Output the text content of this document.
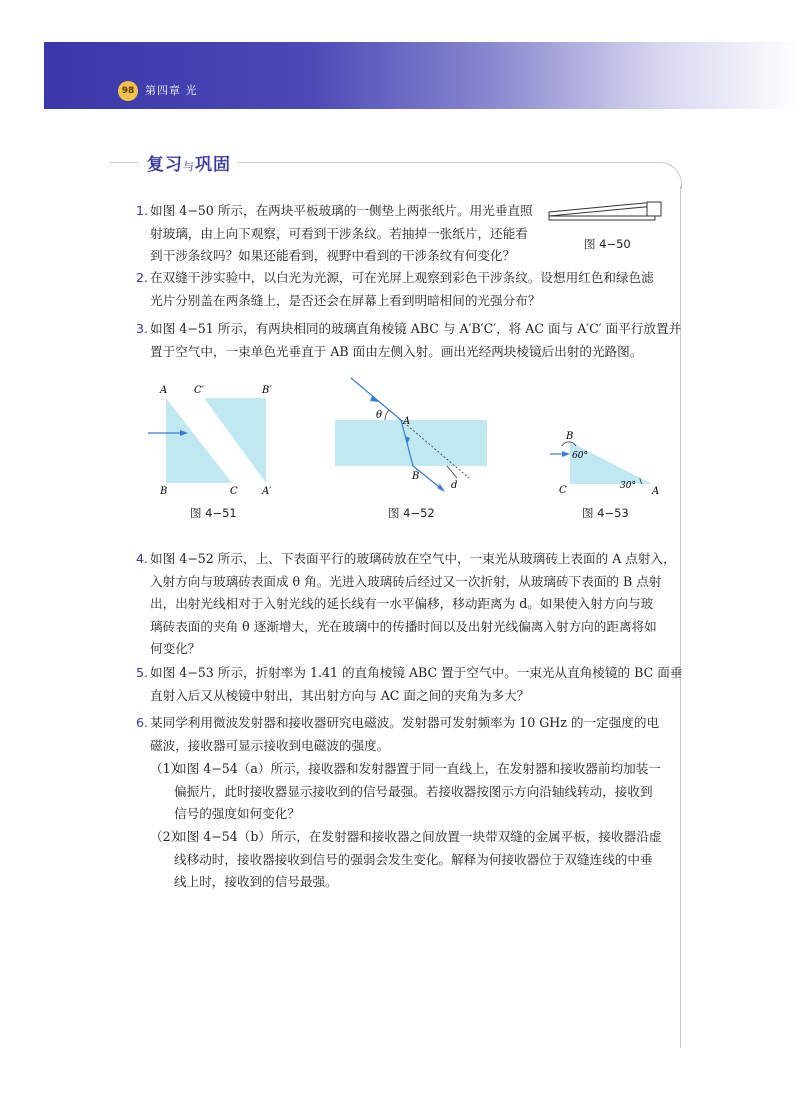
98 第四章 光
复习与巩固
1. 如图 4−50 所示，在两块平板玻璃的一侧垫上两张纸片。用光垂直照
射玻璃，由上向下观察，可看到干涉条纹。若抽掉一张纸片，还能看
到干涉条纹吗？如果还能看到，视野中看到的干涉条纹有何变化？
图 4−50
2. 在双缝干涉实验中，以白光为光源，可在光屏上观察到彩色干涉条纹。设想用红色和绿色滤
光片分别盖在两条缝上，是否还会在屏幕上看到明暗相间的光强分布？
3. 如图 4−51 所示，有两块相同的玻璃直角棱镜 ABC 与 A′B′C′，将 AC 面与 A′C′ 面平行放置并
置于空气中，一束单色光垂直于 AB 面由左侧入射。画出光经两块棱镜后出射的光路图。
A	C′	B′
B	C A′
图 4−51
θ
A
B
d
图 4−52
B
60°
C	30° A
图 4−53
4. 如图 4−52 所示，上、下表面平行的玻璃砖放在空气中，一束光从玻璃砖上表面的 A 点射入，
入射方向与玻璃砖表面成 θ 角。光进入玻璃砖后经过又一次折射，从玻璃砖下表面的 B 点射
出，出射光线相对于入射光线的延长线有一水平偏移，移动距离为 d。如果使入射方向与玻
璃砖表面的夹角 θ 逐渐增大，光在玻璃中的传播时间以及出射光线偏离入射方向的距离将如
何变化？
5. 如图 4−53 所示，折射率为 1.41 的直角棱镜 ABC 置于空气中。一束光从直角棱镜的 BC 面垂
直射入后又从棱镜中射出，其出射方向与 AC 面之间的夹角为多大？
6. 某同学利用微波发射器和接收器研究电磁波。发射器可发射频率为 10 GHz 的一定强度的电
磁波，接收器可显示接收到电磁波的强度。
（1）
如图 4−54（a）所示，接收器和发射器置于同一直线上，在发射器和接收器前均加装一
偏振片，此时接收器显示接收到的信号最强。若接收器按图示方向沿轴线转动，接收到
信号的强度如何变化？
（2）
如图 4−54（b）所示，在发射器和接收器之间放置一块带双缝的金属平板，接收器沿虚
线移动时，接收器接收到信号的强弱会发生变化。解释为何接收器位于双缝连线的中垂
线上时，接收到的信号最强。
